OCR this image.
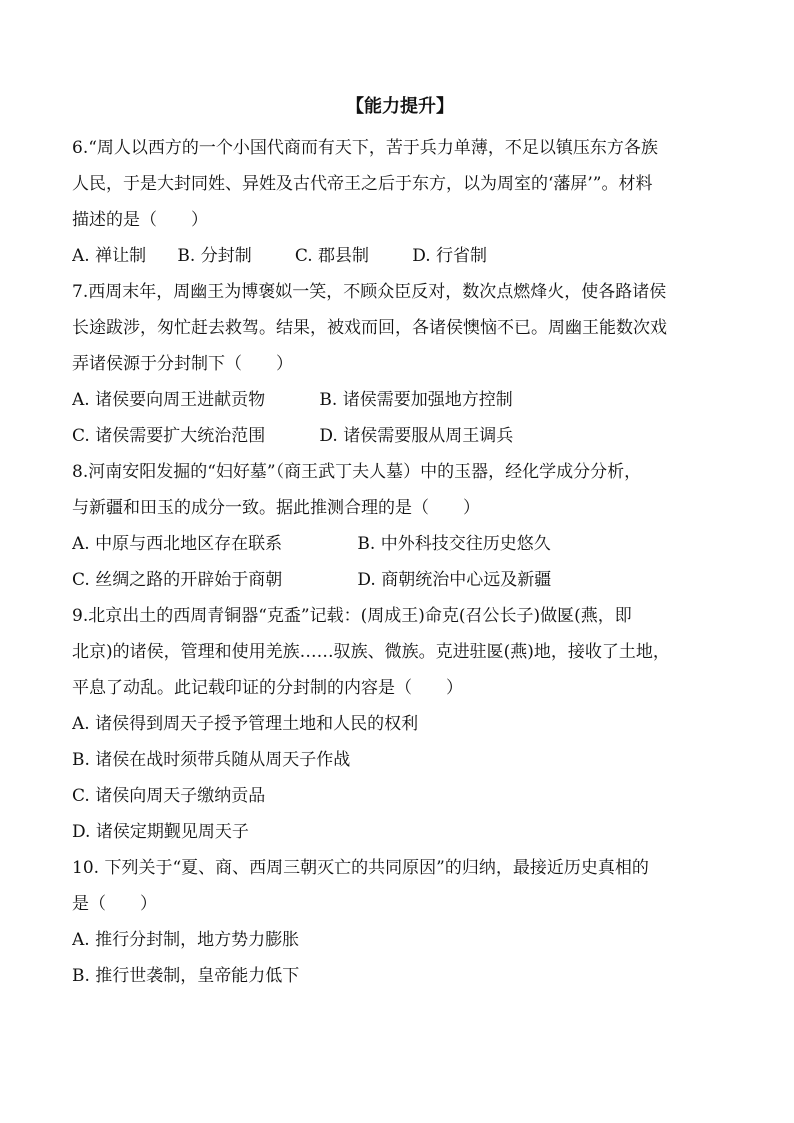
【能力提升】
6.“周人以西方的一个小国代商而有天下，苦于兵力单薄，不足以镇压东方各族
人民，于是大封同姓、异姓及古代帝王之后于东方，以为周室的‘藩屏’”。材料
描述的是（　　）
A. 禅让制 B. 分封制	C. 郡县制	D. 行省制
7.西周末年，周幽王为博褒姒一笑，不顾众臣反对，数次点燃烽火，使各路诸侯
长途跋涉，匆忙赶去救驾。结果，被戏而回，各诸侯懊恼不已。周幽王能数次戏
弄诸侯源于分封制下（　　）
A. 诸侯要向周王进献贡物	B. 诸侯需要加强地方控制
C. 诸侯需要扩大统治范围	D. 诸侯需要服从周王调兵
8.河南安阳发掘的“妇好墓”（商王武丁夫人墓）中的玉器，经化学成分分析，
与新疆和田玉的成分一致。据此推测合理的是（　　）
A. 中原与西北地区存在联系	B. 中外科技交往历史悠久
C. 丝绸之路的开辟始于商朝	D. 商朝统治中心远及新疆
9.北京出土的西周青铜器“克盉”记载：(周成王)命克(召公长子)做匽(燕，即
北京)的诸侯，管理和使用羌族……驭族、微族。克进驻匽(燕)地，接收了土地，
平息了动乱。此记载印证的分封制的内容是（　　）
A. 诸侯得到周天子授予管理土地和人民的权利
B. 诸侯在战时须带兵随从周天子作战
C. 诸侯向周天子缴纳贡品
D. 诸侯定期觐见周天子
10. 下列关于“夏、商、西周三朝灭亡的共同原因”的归纳，最接近历史真相的
是（　　）
A. 推行分封制，地方势力膨胀
B. 推行世袭制，皇帝能力低下
